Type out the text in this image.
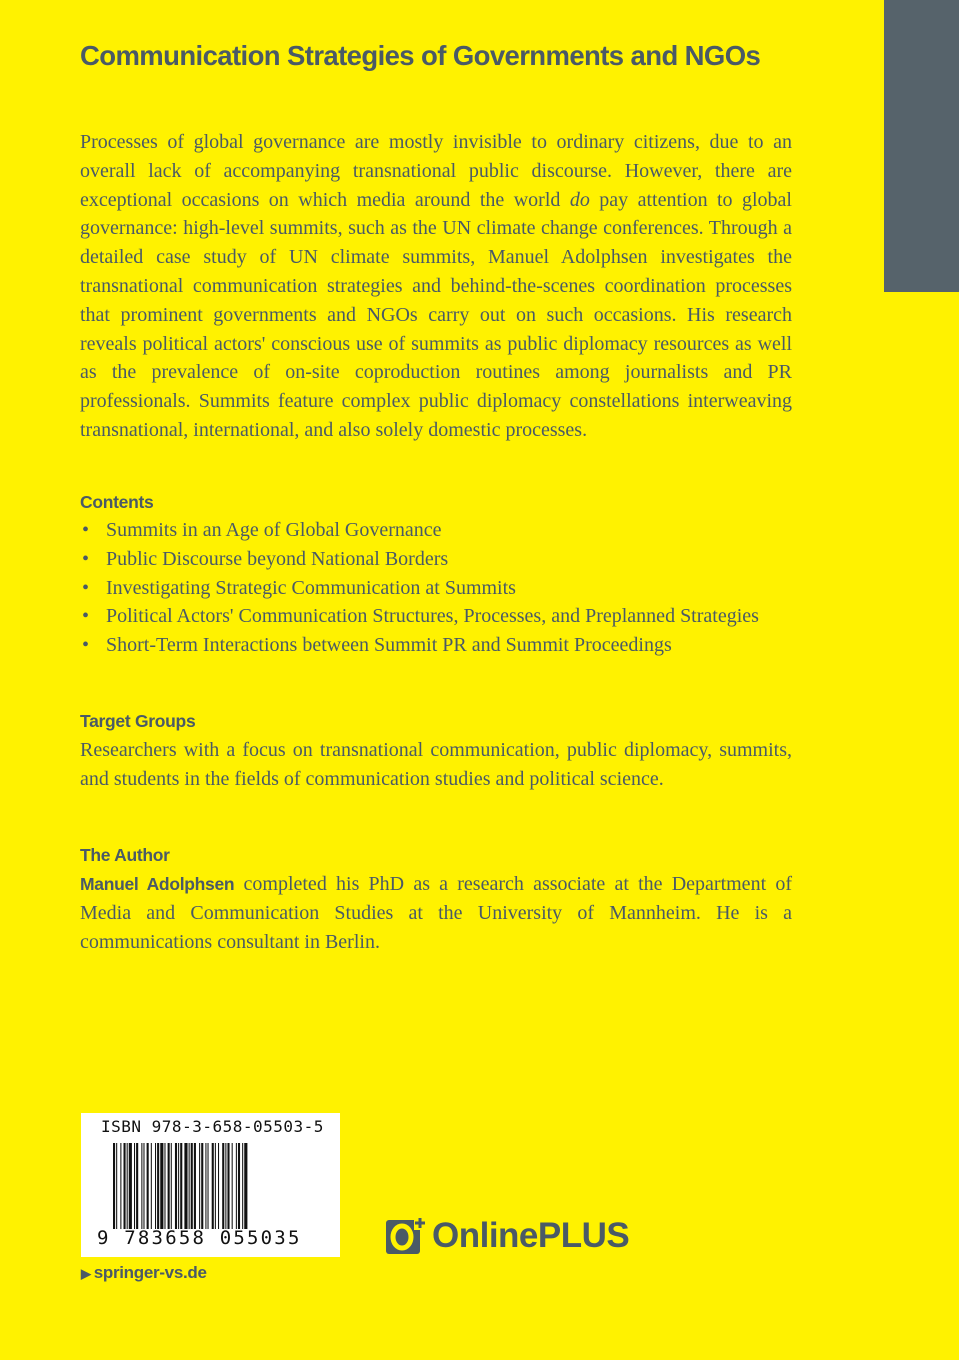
Communication Strategies of Governments and NGOs

Processes of global governance are mostly invisible to ordinary citizens, due to an overall lack of accompanying transnational public discourse. However, there are exceptional occasions on which media around the world do pay attention to global governance: high-level summits, such as the UN climate change conferences. Through a detailed case study of UN climate summits, Manuel Adolphsen investigates the transnational communication strategies and behind-the-scenes coordination processes that prominent governments and NGOs carry out on such occasions. His research reveals political actors' conscious use of summits as public diplomacy resources as well as the prevalence of on-site coproduction routines among journalists and PR professionals. Summits feature complex public diplomacy constellations interweaving transnational, international, and also solely domestic processes.

Contents
• Summits in an Age of Global Governance
• Public Discourse beyond National Borders
• Investigating Strategic Communication at Summits
• Political Actors' Communication Structures, Processes, and Preplanned Strategies
• Short-Term Interactions between Summit PR and Summit Proceedings
Target Groups

Researchers with a focus on transnational communication, public diplomacy, summits, and students in the fields of communication studies and political science.

The Author

Manuel Adolphsen completed his PhD as a research associate at the Department of Media and Communication Studies at the University of Mannheim. He is a communications consultant in Berlin.

ISBN 978-3-658-05503-5
9 783658 055035	OnlinePLUS
▶ springer-vs.de
